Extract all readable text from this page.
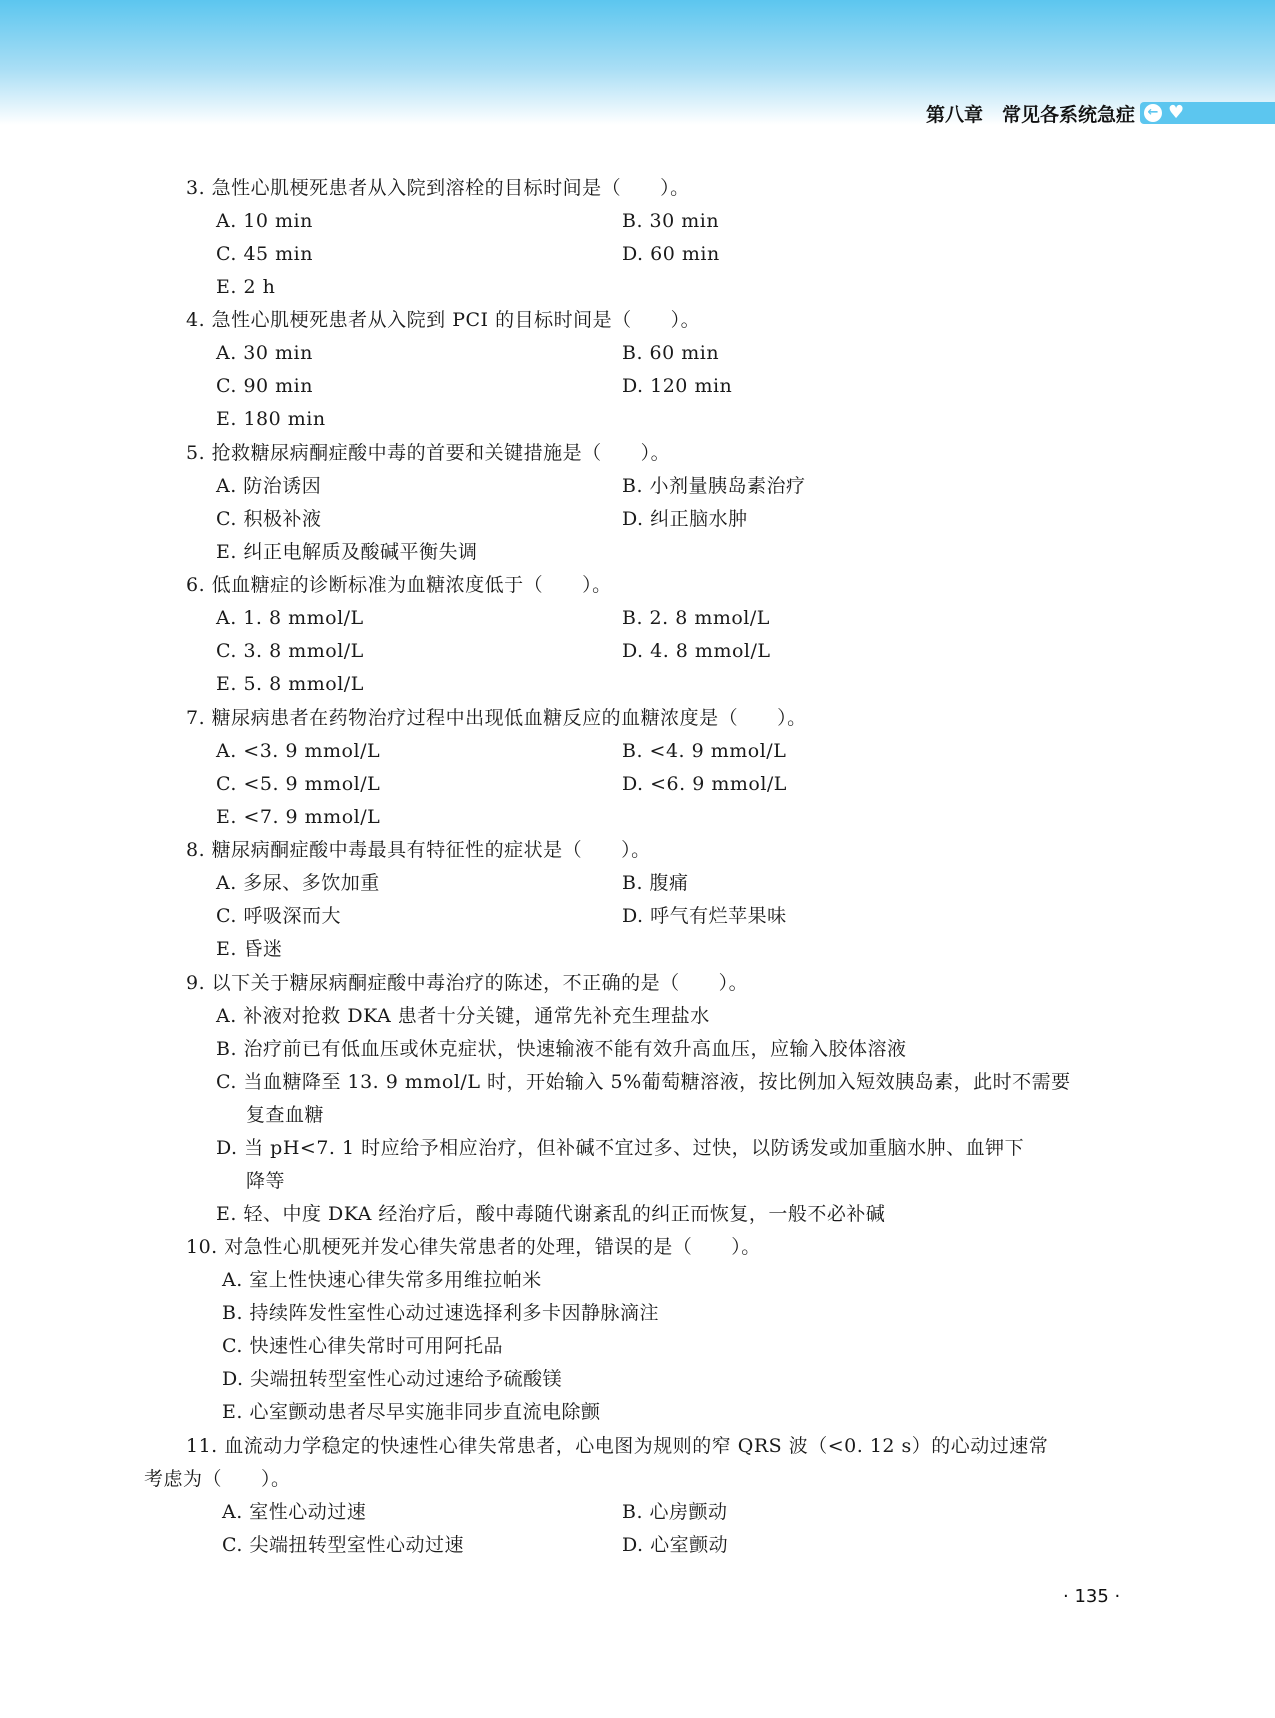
第八章　常见各系统急症 ← ♥
3. 急性心肌梗死患者从入院到溶栓的目标时间是（　　）。
A. 10 min	B. 30 min
C. 45 min	D. 60 min
E. 2 h
4. 急性心肌梗死患者从入院到 PCI 的目标时间是（　　）。
A. 30 min	B. 60 min
C. 90 min	D. 120 min
E. 180 min
5. 抢救糖尿病酮症酸中毒的首要和关键措施是（　　）。
A. 防治诱因	B. 小剂量胰岛素治疗
C. 积极补液	D. 纠正脑水肿
E. 纠正电解质及酸碱平衡失调
6. 低血糖症的诊断标准为血糖浓度低于（　　）。
A. 1. 8 mmol/L	B. 2. 8 mmol/L
C. 3. 8 mmol/L	D. 4. 8 mmol/L
E. 5. 8 mmol/L
7. 糖尿病患者在药物治疗过程中出现低血糖反应的血糖浓度是（　　）。
A. <3. 9 mmol/L	B. <4. 9 mmol/L
C. <5. 9 mmol/L	D. <6. 9 mmol/L
E. <7. 9 mmol/L
8. 糖尿病酮症酸中毒最具有特征性的症状是（　　）。
A. 多尿、多饮加重	B. 腹痛
C. 呼吸深而大	D. 呼气有烂苹果味
E. 昏迷
9. 以下关于糖尿病酮症酸中毒治疗的陈述，不正确的是（　　）。
A. 补液对抢救 DKA 患者十分关键，通常先补充生理盐水
B. 治疗前已有低血压或休克症状，快速输液不能有效升高血压，应输入胶体溶液
C. 当血糖降至 13. 9 mmol/L 时，开始输入 5%葡萄糖溶液，按比例加入短效胰岛素，此时不需要
复查血糖
D. 当 pH<7. 1 时应给予相应治疗，但补碱不宜过多、过快，以防诱发或加重脑水肿、血钾下
降等
E. 轻、中度 DKA 经治疗后，酸中毒随代谢紊乱的纠正而恢复，一般不必补碱
10. 对急性心肌梗死并发心律失常患者的处理，错误的是（　　）。
A. 室上性快速心律失常多用维拉帕米
B. 持续阵发性室性心动过速选择利多卡因静脉滴注
C. 快速性心律失常时可用阿托品
D. 尖端扭转型室性心动过速给予硫酸镁
E. 心室颤动患者尽早实施非同步直流电除颤
11. 血流动力学稳定的快速性心律失常患者，心电图为规则的窄 QRS 波（<0. 12 s）的心动过速常
考虑为（　　）。
A. 室性心动过速	B. 心房颤动
C. 尖端扭转型室性心动过速	D. 心室颤动
· 135 ·
